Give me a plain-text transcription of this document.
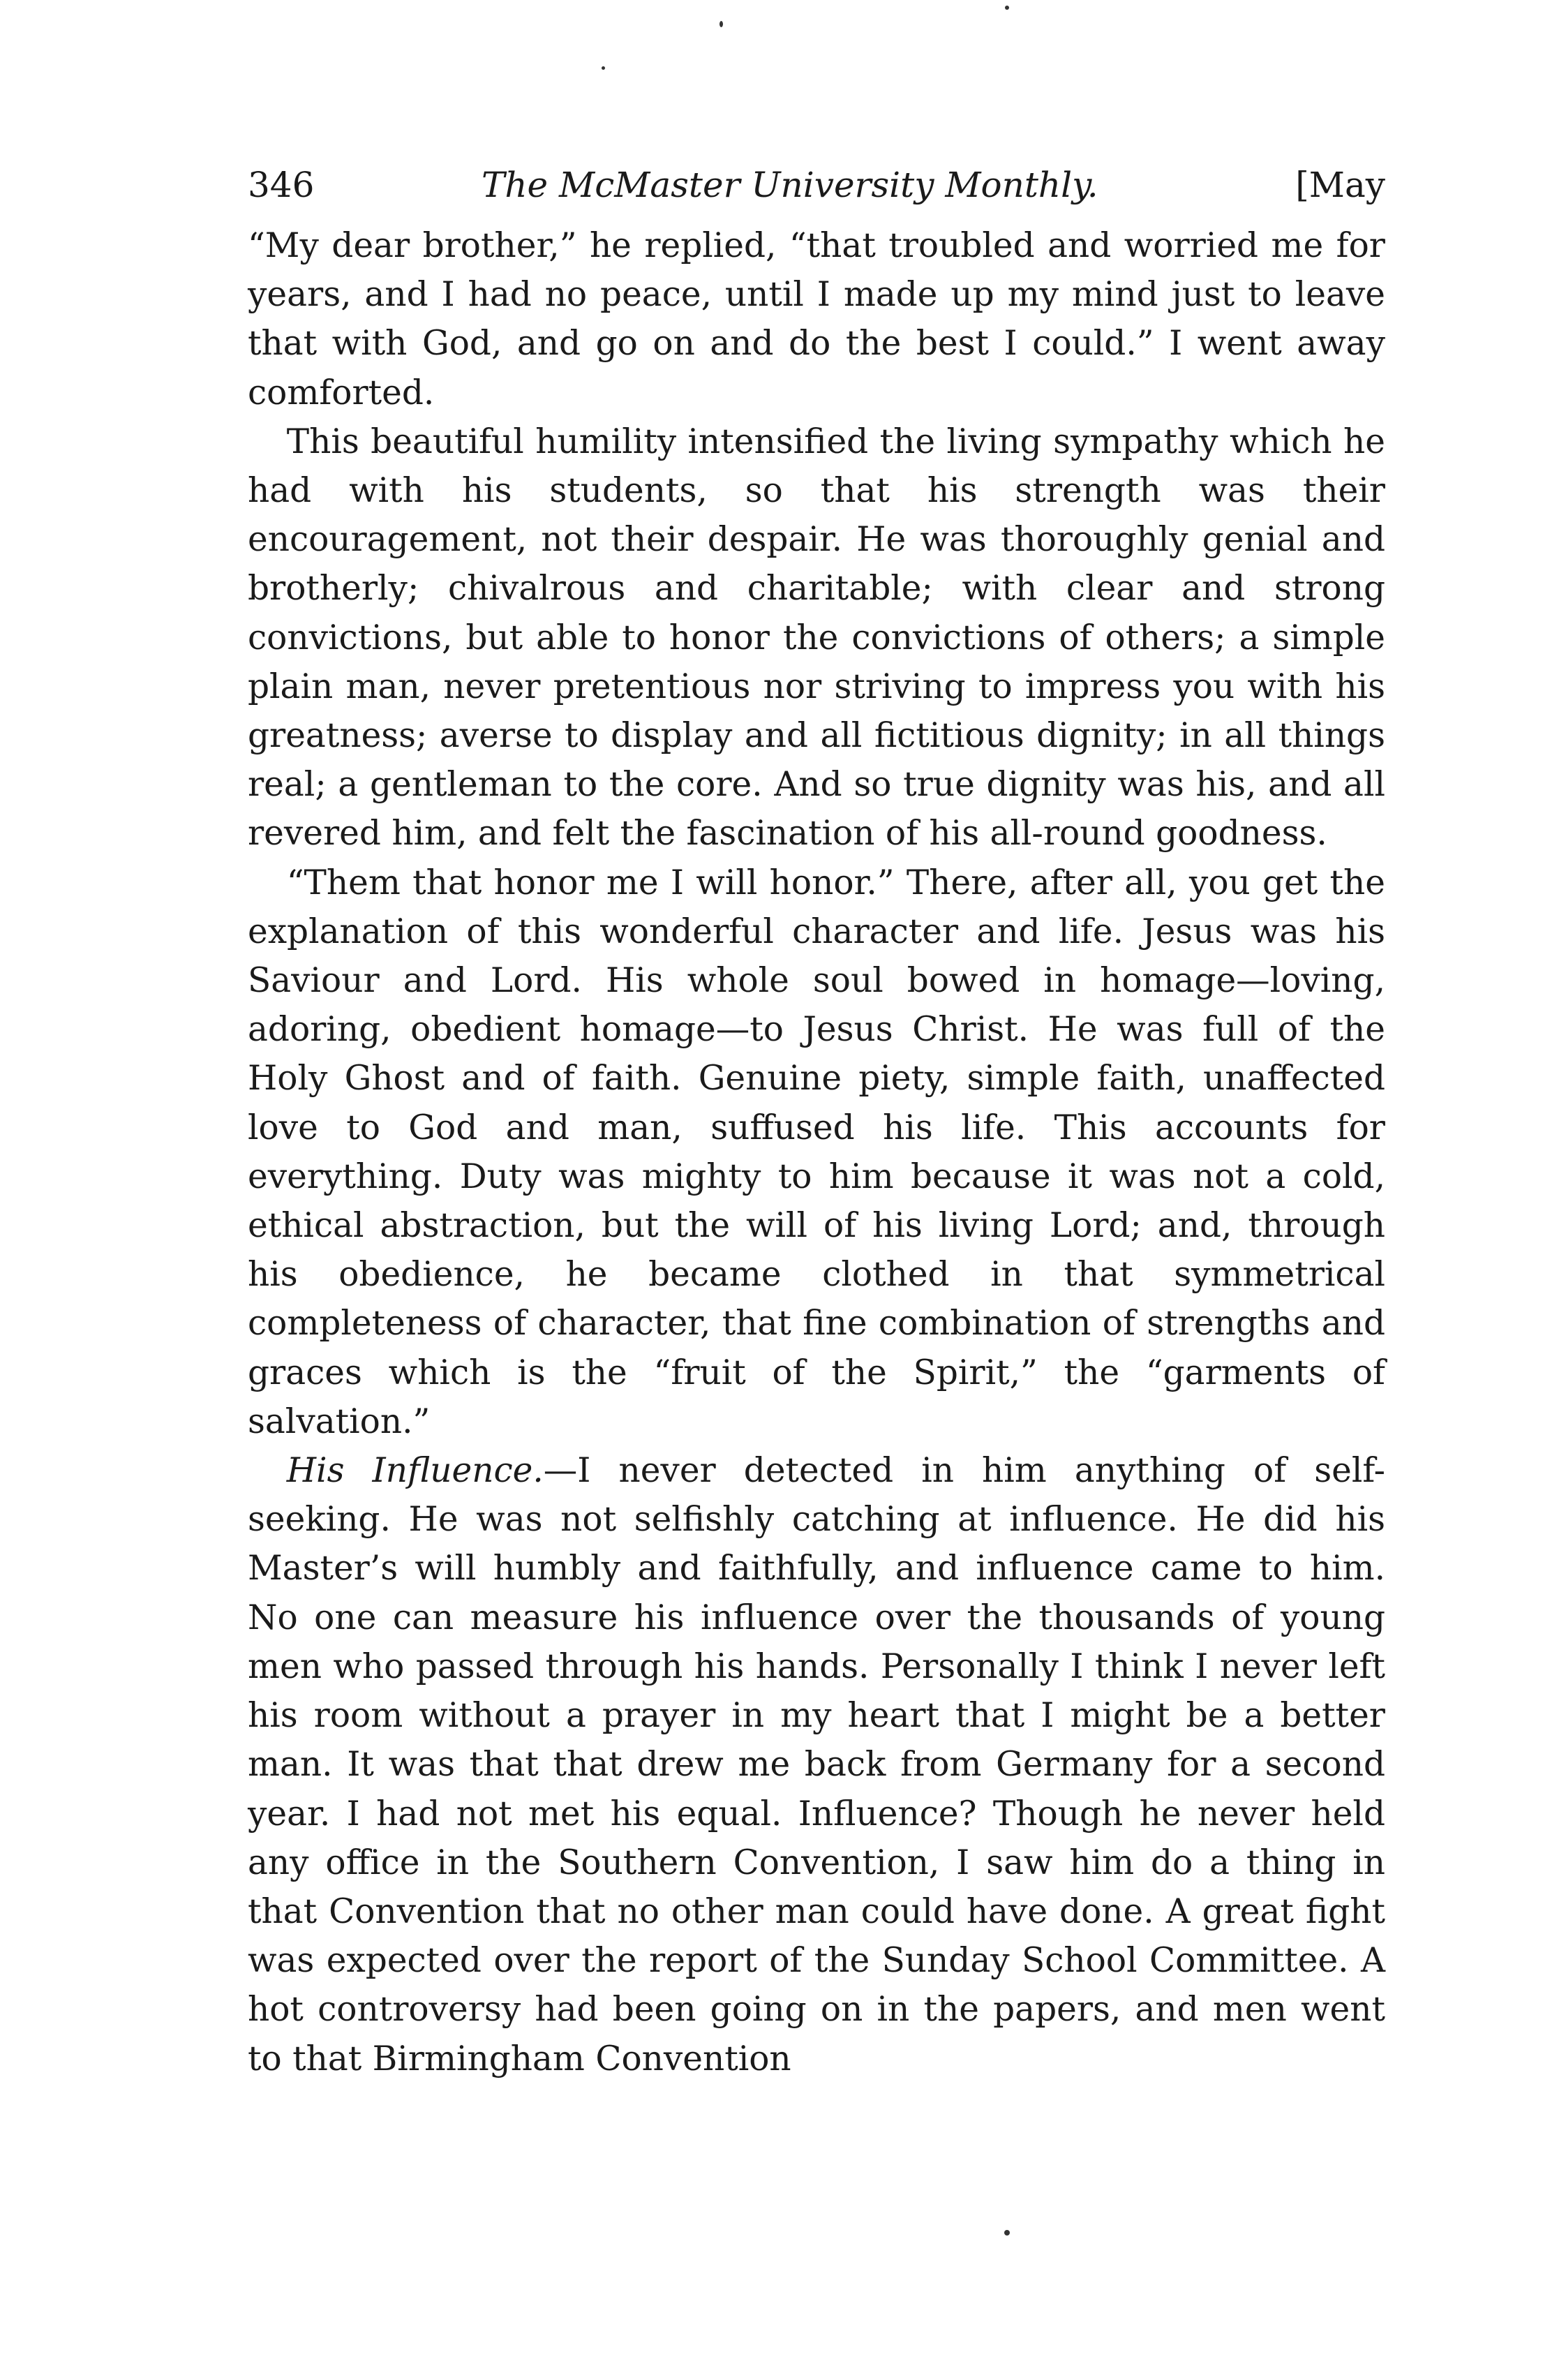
346	The McMaster University Monthly.	[May

“My dear brother,” he replied, “that troubled and worried me for years, and I had no peace, until I made up my mind just to leave that with God, and go on and do the best I could.” I went away comforted.

This beautiful humility intensified the living sympathy which he had with his students, so that his strength was their encouragement, not their despair. He was thoroughly genial and brotherly; chivalrous and charitable; with clear and strong convictions, but able to honor the convictions of others; a simple plain man, never pretentious nor striving to impress you with his greatness; averse to display and all fictitious dignity; in all things real; a gentleman to the core. And so true dignity was his, and all revered him, and felt the fascination of his all-round goodness.

“Them that honor me I will honor.” There, after all, you get the explanation of this wonderful character and life. Jesus was his Saviour and Lord. His whole soul bowed in homage—loving, adoring, obedient homage—to Jesus Christ. He was full of the Holy Ghost and of faith. Genuine piety, simple faith, unaffected love to God and man, suffused his life. This accounts for everything. Duty was mighty to him because it was not a cold, ethical abstraction, but the will of his living Lord; and, through his obedience, he became clothed in that symmetrical completeness of character, that fine combination of strengths and graces which is the “fruit of the Spirit,” the “garments of salvation.”

His Influence.—I never detected in him anything of self-seeking. He was not selfishly catching at influence. He did his Master’s will humbly and faithfully, and influence came to him. No one can measure his influence over the thousands of young men who passed through his hands. Personally I think I never left his room without a prayer in my heart that I might be a better man. It was that that drew me back from Germany for a second year. I had not met his equal. Influence? Though he never held any office in the Southern Convention, I saw him do a thing in that Convention that no other man could have done. A great fight was expected over the report of the Sunday School Committee. A hot controversy had been going on in the papers, and men went to that Birmingham Convention
